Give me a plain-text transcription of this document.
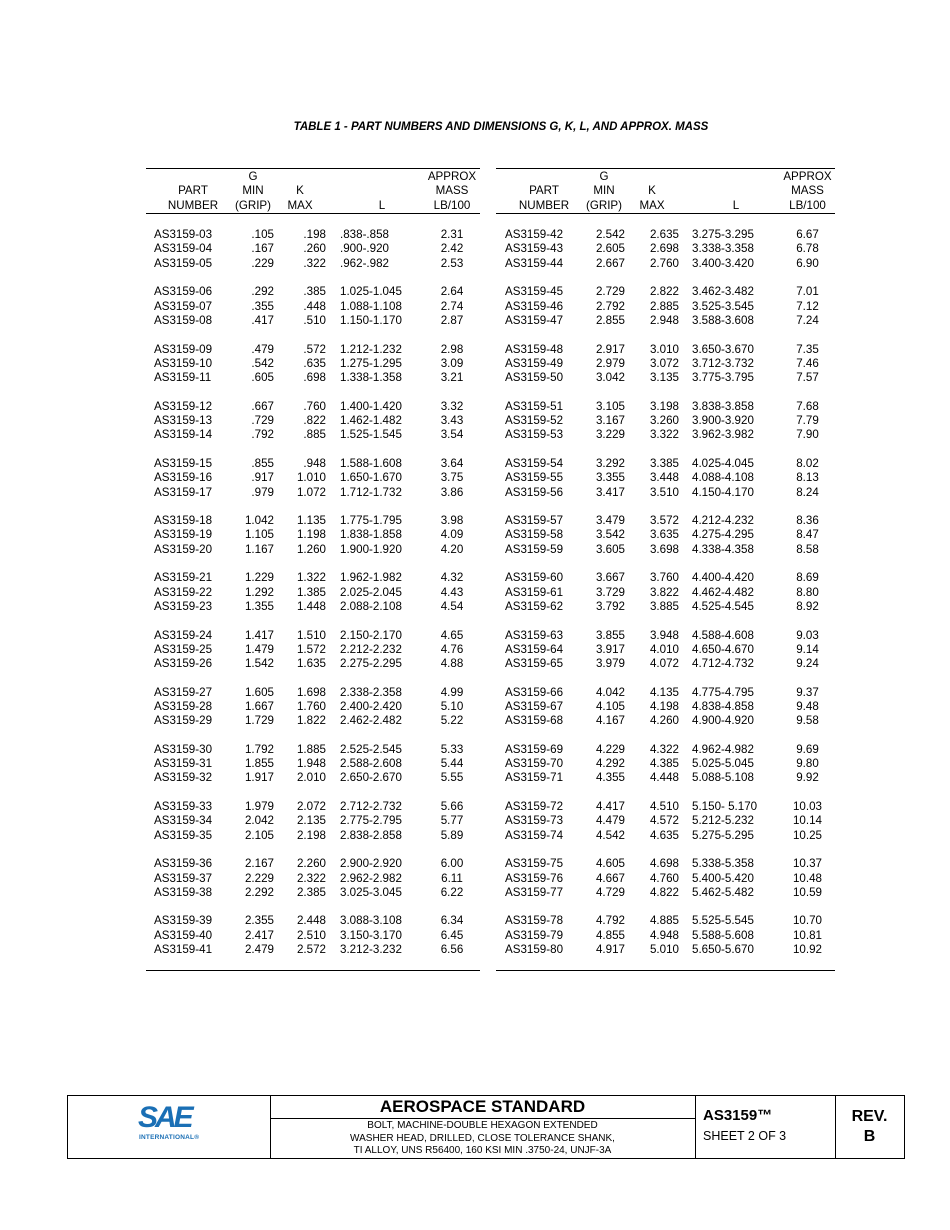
TABLE 1 - PART NUMBERS AND DIMENSIONS G, K, L, AND APPROX. MASS
	G			APPROX
PART	MIN	K		MASS
NUMBER	(GRIP)	MAX	L	LB/100

AS3159-03	.105	.198	.838-.858	2.31
AS3159-04	.167	.260	.900-.920	2.42
AS3159-05	.229	.322	.962-.982	2.53

AS3159-06	.292	.385	1.025-1.045	2.64
AS3159-07	.355	.448	1.088-1.108	2.74
AS3159-08	.417	.510	1.150-1.170	2.87

AS3159-09	.479	.572	1.212-1.232	2.98
AS3159-10	.542	.635	1.275-1.295	3.09
AS3159-11	.605	.698	1.338-1.358	3.21

AS3159-12	.667	.760	1.400-1.420	3.32
AS3159-13	.729	.822	1.462-1.482	3.43
AS3159-14	.792	.885	1.525-1.545	3.54

AS3159-15	.855	.948	1.588-1.608	3.64
AS3159-16	.917	1.010	1.650-1.670	3.75
AS3159-17	.979	1.072	1.712-1.732	3.86

AS3159-18	1.042	1.135	1.775-1.795	3.98
AS3159-19	1.105	1.198	1.838-1.858	4.09
AS3159-20	1.167	1.260	1.900-1.920	4.20

AS3159-21	1.229	1.322	1.962-1.982	4.32
AS3159-22	1.292	1.385	2.025-2.045	4.43
AS3159-23	1.355	1.448	2.088-2.108	4.54

AS3159-24	1.417	1.510	2.150-2.170	4.65
AS3159-25	1.479	1.572	2.212-2.232	4.76
AS3159-26	1.542	1.635	2.275-2.295	4.88

AS3159-27	1.605	1.698	2.338-2.358	4.99
AS3159-28	1.667	1.760	2.400-2.420	5.10
AS3159-29	1.729	1.822	2.462-2.482	5.22

AS3159-30	1.792	1.885	2.525-2.545	5.33
AS3159-31	1.855	1.948	2.588-2.608	5.44
AS3159-32	1.917	2.010	2.650-2.670	5.55

AS3159-33	1.979	2.072	2.712-2.732	5.66
AS3159-34	2.042	2.135	2.775-2.795	5.77
AS3159-35	2.105	2.198	2.838-2.858	5.89

AS3159-36	2.167	2.260	2.900-2.920	6.00
AS3159-37	2.229	2.322	2.962-2.982	6.11
AS3159-38	2.292	2.385	3.025-3.045	6.22

AS3159-39	2.355	2.448	3.088-3.108	6.34
AS3159-40	2.417	2.510	3.150-3.170	6.45
AS3159-41	2.479	2.572	3.212-3.232	6.56
	G			APPROX
PART	MIN	K		MASS
NUMBER	(GRIP)	MAX	L	LB/100

AS3159-42	2.542	2.635	3.275-3.295	6.67
AS3159-43	2.605	2.698	3.338-3.358	6.78
AS3159-44	2.667	2.760	3.400-3.420	6.90

AS3159-45	2.729	2.822	3.462-3.482	7.01
AS3159-46	2.792	2.885	3.525-3.545	7.12
AS3159-47	2.855	2.948	3.588-3.608	7.24

AS3159-48	2.917	3.010	3.650-3.670	7.35
AS3159-49	2.979	3.072	3.712-3.732	7.46
AS3159-50	3.042	3.135	3.775-3.795	7.57

AS3159-51	3.105	3.198	3.838-3.858	7.68
AS3159-52	3.167	3.260	3.900-3.920	7.79
AS3159-53	3.229	3.322	3.962-3.982	7.90

AS3159-54	3.292	3.385	4.025-4.045	8.02
AS3159-55	3.355	3.448	4.088-4.108	8.13
AS3159-56	3.417	3.510	4.150-4.170	8.24

AS3159-57	3.479	3.572	4.212-4.232	8.36
AS3159-58	3.542	3.635	4.275-4.295	8.47
AS3159-59	3.605	3.698	4.338-4.358	8.58

AS3159-60	3.667	3.760	4.400-4.420	8.69
AS3159-61	3.729	3.822	4.462-4.482	8.80
AS3159-62	3.792	3.885	4.525-4.545	8.92

AS3159-63	3.855	3.948	4.588-4.608	9.03
AS3159-64	3.917	4.010	4.650-4.670	9.14
AS3159-65	3.979	4.072	4.712-4.732	9.24

AS3159-66	4.042	4.135	4.775-4.795	9.37
AS3159-67	4.105	4.198	4.838-4.858	9.48
AS3159-68	4.167	4.260	4.900-4.920	9.58

AS3159-69	4.229	4.322	4.962-4.982	9.69
AS3159-70	4.292	4.385	5.025-5.045	9.80
AS3159-71	4.355	4.448	5.088-5.108	9.92

AS3159-72	4.417	4.510	5.150- 5.170	10.03
AS3159-73	4.479	4.572	5.212-5.232	10.14
AS3159-74	4.542	4.635	5.275-5.295	10.25

AS3159-75	4.605	4.698	5.338-5.358	10.37
AS3159-76	4.667	4.760	5.400-5.420	10.48
AS3159-77	4.729	4.822	5.462-5.482	10.59

AS3159-78	4.792	4.885	5.525-5.545	10.70
AS3159-79	4.855	4.948	5.588-5.608	10.81
AS3159-80	4.917	5.010	5.650-5.670	10.92
SAE
INTERNATIONAL®
AEROSPACE STANDARD
BOLT, MACHINE-DOUBLE HEXAGON EXTENDED
WASHER HEAD, DRILLED, CLOSE TOLERANCE SHANK,
TI ALLOY, UNS R56400, 160 KSI MIN .3750-24, UNJF-3A
AS3159™
SHEET 2 OF 3
REV.
B
